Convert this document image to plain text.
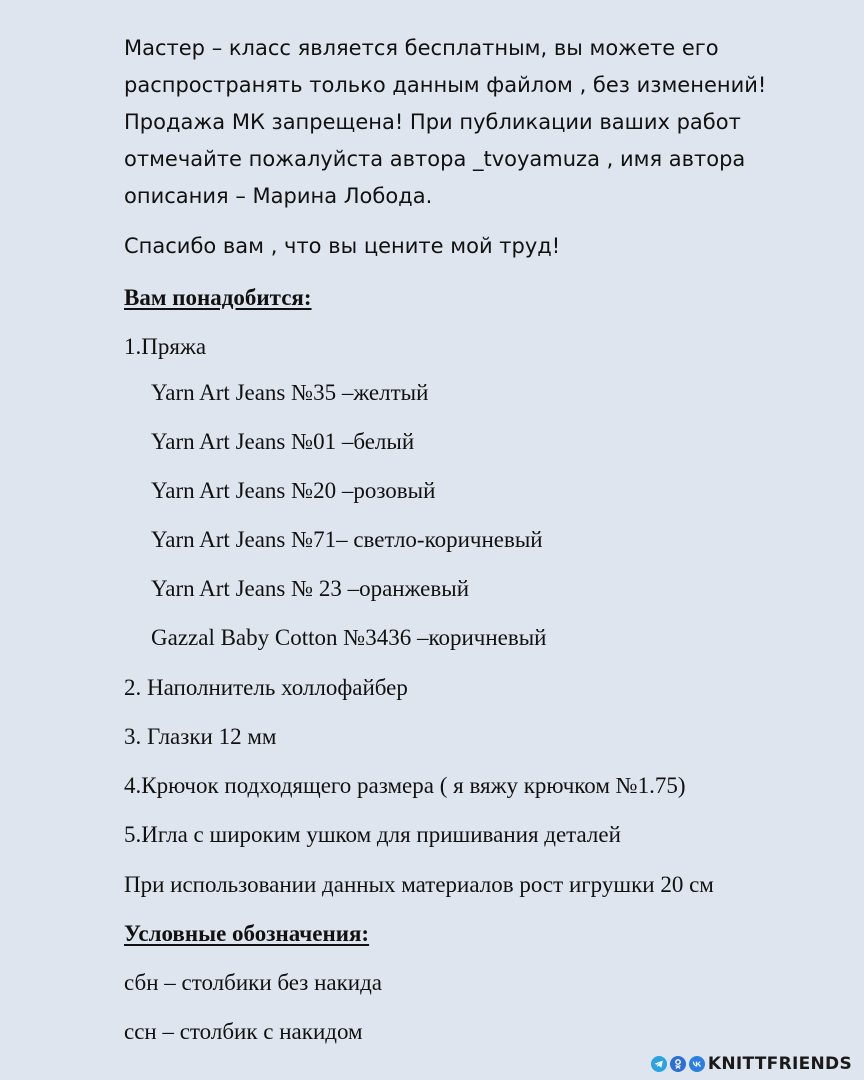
Мастер – класс является бесплатным, вы можете его

распространять только данным файлом , без изменений!

Продажа МК запрещена! При публикации ваших работ

отмечайте пожалуйста автора _tvoyamuza , имя автора

описания – Марина Лобода.

Спасибо вам , что вы цените мой труд!

Вам понадобится:

1.Пряжа

Yarn Art Jeans №35 –желтый

Yarn Art Jeans №01 –белый

Yarn Art Jeans №20 –розовый

Yarn Art Jeans №71– светло-коричневый

Yarn Art Jeans № 23 –оранжевый

Gazzal Baby Cotton №3436 –коричневый

2. Наполнитель холлофайбер

3. Глазки 12 мм

4.Крючок подходящего размера ( я вяжу крючком №1.75)

5.Игла с широким ушком для пришивания деталей

При использовании данных материалов рост игрушки 20 см

Условные обозначения:

сбн – столбики без накида

ссн – столбик с накидом

KNITTFRIENDS
